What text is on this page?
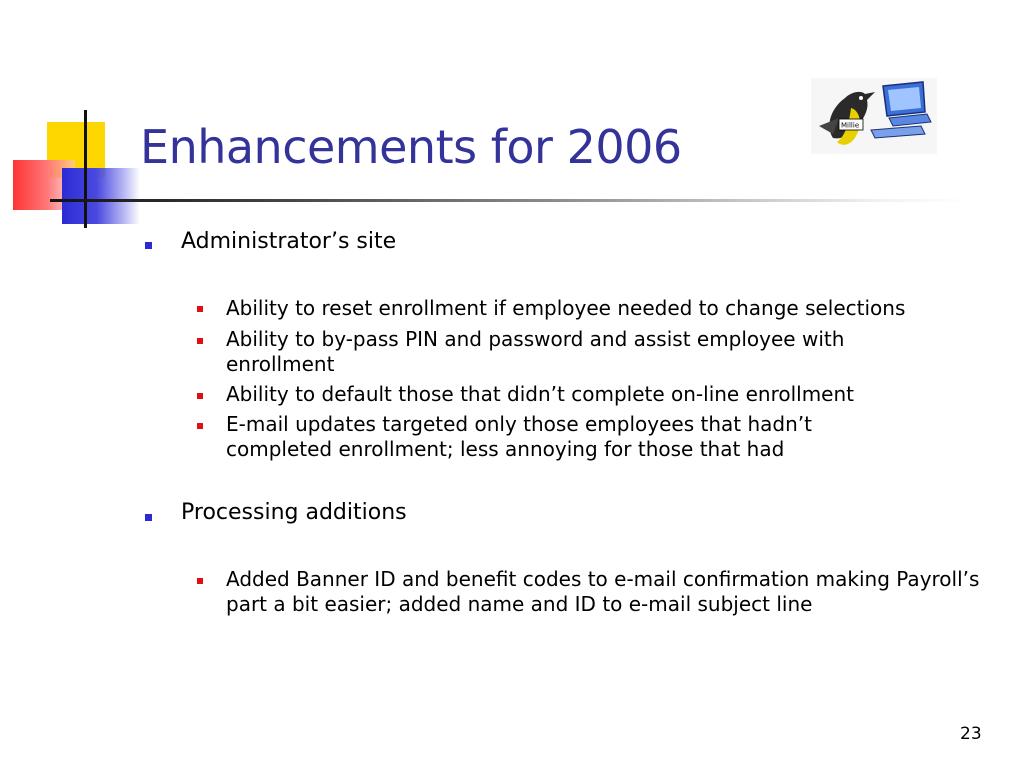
Enhancements for 2006	Millie
Administrator’s site
Ability to reset enrollment if employee needed to change selections
Ability to by-pass PIN and password and assist employee with enrollment
Ability to default those that didn’t complete on-line enrollment
E-mail updates targeted only those employees that hadn’t completed enrollment; less annoying for those that had
Processing additions
Added Banner ID and benefit codes to e-mail confirmation making Payroll’s part a bit easier; added name and ID to e-mail subject line
23
